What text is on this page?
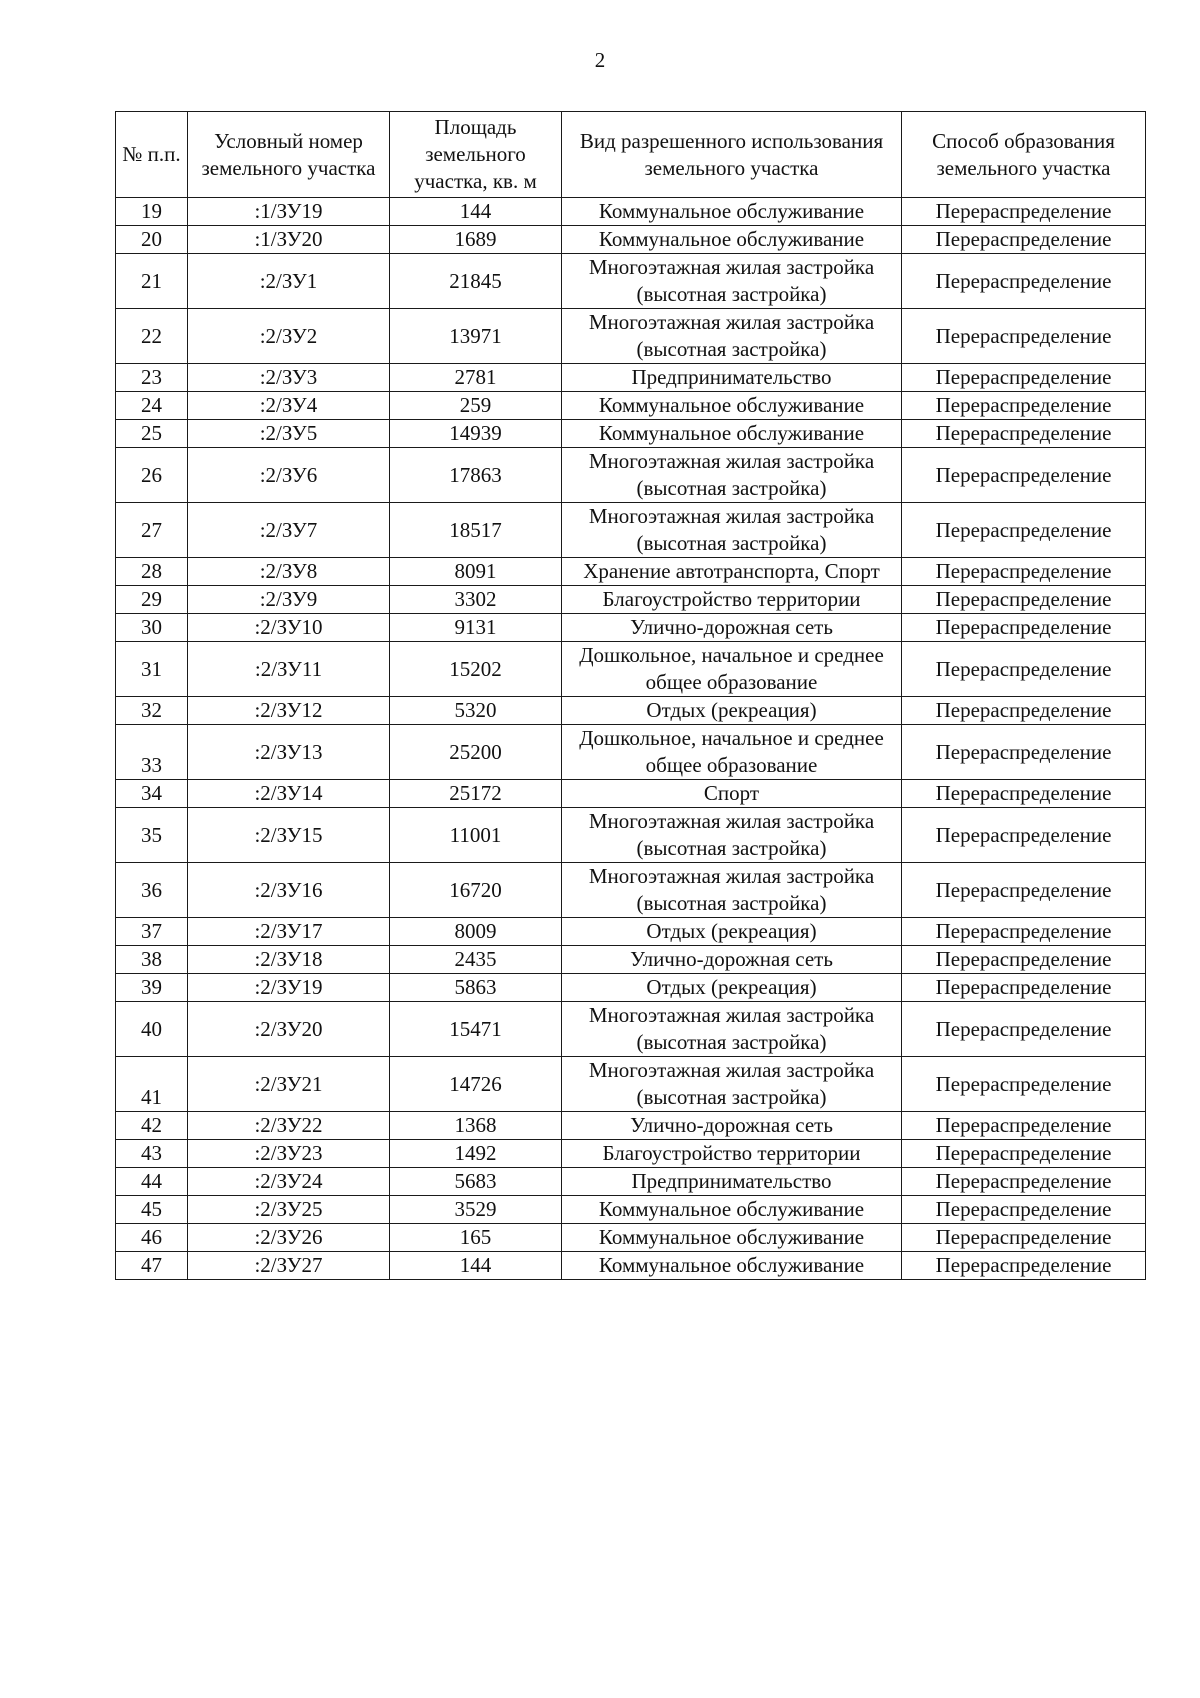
2
№ п.п.	Условный номер земельного участка	Площадь земельного участка, кв. м	Вид разрешенного использования земельного участка	Способ образования земельного участка
19	:1/ЗУ19	144	Коммунальное обслуживание	Перераспределение
20	:1/ЗУ20	1689	Коммунальное обслуживание	Перераспределение
21	:2/ЗУ1	21845	Многоэтажная жилая застройка (высотная застройка)	Перераспределение
22	:2/ЗУ2	13971	Многоэтажная жилая застройка (высотная застройка)	Перераспределение
23	:2/ЗУ3	2781	Предпринимательство	Перераспределение
24	:2/ЗУ4	259	Коммунальное обслуживание	Перераспределение
25	:2/ЗУ5	14939	Коммунальное обслуживание	Перераспределение
26	:2/ЗУ6	17863	Многоэтажная жилая застройка (высотная застройка)	Перераспределение
27	:2/ЗУ7	18517	Многоэтажная жилая застройка (высотная застройка)	Перераспределение
28	:2/ЗУ8	8091	Хранение автотранспорта, Спорт	Перераспределение
29	:2/ЗУ9	3302	Благоустройство территории	Перераспределение
30	:2/ЗУ10	9131	Улично-дорожная сеть	Перераспределение
31	:2/ЗУ11	15202	Дошкольное, начальное и среднее общее образование	Перераспределение
32	:2/ЗУ12	5320	Отдых (рекреация)	Перераспределение
33	:2/ЗУ13	25200	Дошкольное, начальное и среднее общее образование	Перераспределение
34	:2/ЗУ14	25172	Спорт	Перераспределение
35	:2/ЗУ15	11001	Многоэтажная жилая застройка (высотная застройка)	Перераспределение
36	:2/ЗУ16	16720	Многоэтажная жилая застройка (высотная застройка)	Перераспределение
37	:2/ЗУ17	8009	Отдых (рекреация)	Перераспределение
38	:2/ЗУ18	2435	Улично-дорожная сеть	Перераспределение
39	:2/ЗУ19	5863	Отдых (рекреация)	Перераспределение
40	:2/ЗУ20	15471	Многоэтажная жилая застройка (высотная застройка)	Перераспределение
41	:2/ЗУ21	14726	Многоэтажная жилая застройка (высотная застройка)	Перераспределение
42	:2/ЗУ22	1368	Улично-дорожная сеть	Перераспределение
43	:2/ЗУ23	1492	Благоустройство территории	Перераспределение
44	:2/ЗУ24	5683	Предпринимательство	Перераспределение
45	:2/ЗУ25	3529	Коммунальное обслуживание	Перераспределение
46	:2/ЗУ26	165	Коммунальное обслуживание	Перераспределение
47	:2/ЗУ27	144	Коммунальное обслуживание	Перераспределение
